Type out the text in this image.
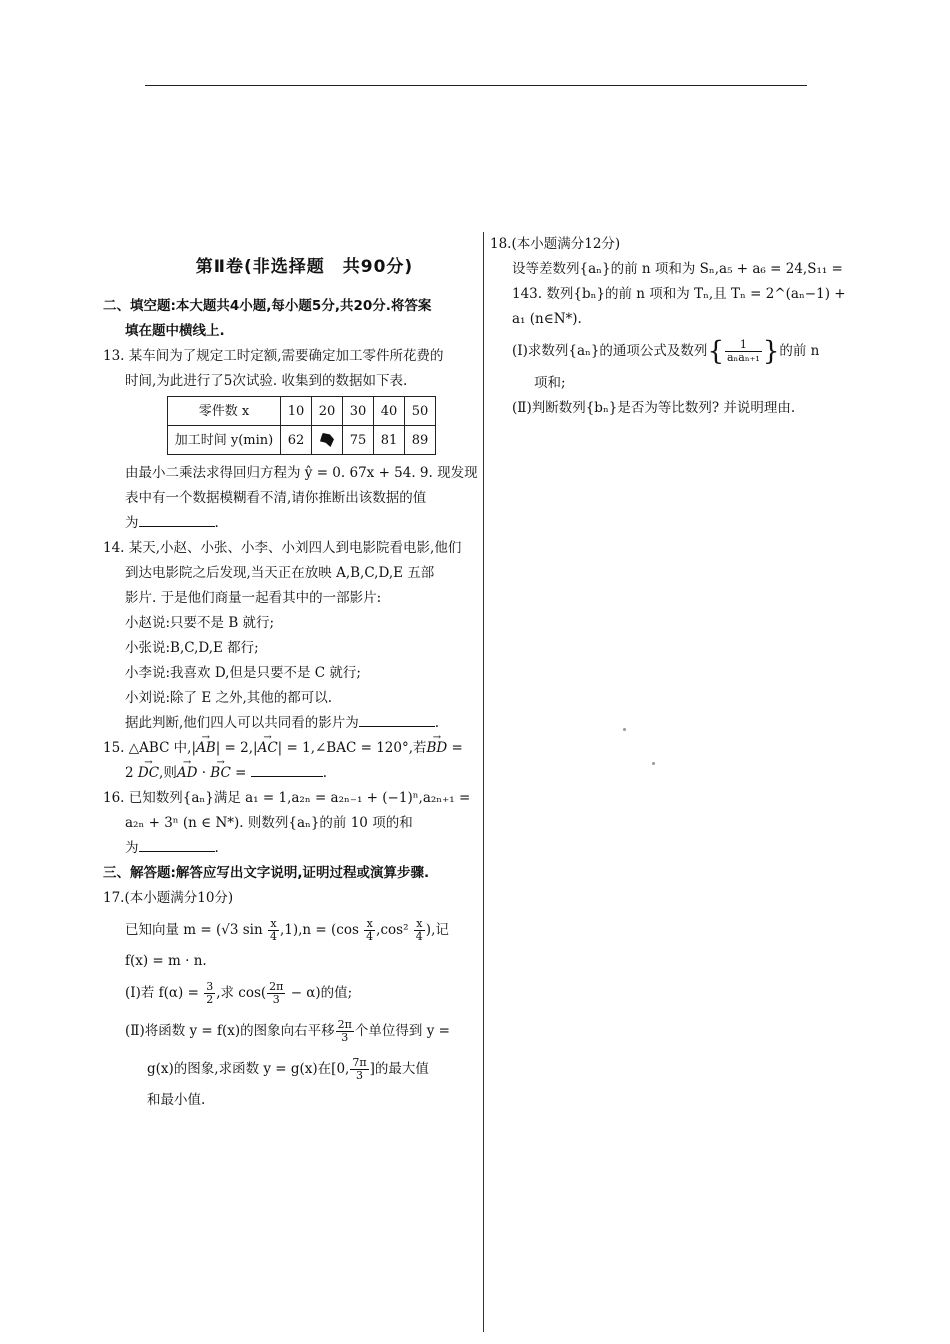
第Ⅱ卷(非选择题 共90分)
二、填空题:本大题共4小题,每小题5分,共20分.将答案
填在题中横线上.
13. 某车间为了规定工时定额,需要确定加工零件所花费的
时间,为此进行了5次试验. 收集到的数据如下表.
零件数 x	10	20	30	40	50
加工时间 y(min)	62		75	81	89
由最小二乘法求得回归方程为 ŷ = 0. 67x + 54. 9. 现发现
表中有一个数据模糊看不清,请你推断出该数据的值
为	.
14. 某天,小赵、小张、小李、小刘四人到电影院看电影,他们
到达电影院之后发现,当天正在放映 A,B,C,D,E 五部
影片. 于是他们商量一起看其中的一部影片:
小赵说:只要不是 B 就行;
小张说:B,C,D,E 都行;
小李说:我喜欢 D,但是只要不是 C 就行;
小刘说:除了 E 之外,其他的都可以.
据此判断,他们四人可以共同看的影片为	.
15. △ABC 中,|→ AB| = 2,|→ AC| = 1,∠BAC = 120°,若→ BD =
2 → DC,则→ AD · → BC =	.
16. 已知数列{aₙ}满足 a₁ = 1,a₂ₙ = a₂ₙ₋₁ + (−1)ⁿ,a₂ₙ₊₁ =
a₂ₙ + 3ⁿ (n ∈ N*). 则数列{aₙ}的前 10 项的和
为	.
三、解答题:解答应写出文字说明,证明过程或演算步骤.
17.(本小题满分10分)
已知向量 m = (√3 $\sin \frac{x}{4} ,1),n = (\cos \frac{x}{4} ,\cos^2 \frac{x}{4}$ ),记
f(x) = m · n.
(Ⅰ)若 $f(\alpha) = \frac{3}{2}$ ,求 $\cos( \frac{2\pi}{3} - \alpha)$的值;
(Ⅱ)将函数 y = f(x)的图象向右平移 $\frac{2\pi}{3}$ 个单位得到 y =
g(x)的图象,求函数 y = g(x)在[0, $\frac{7\pi}{3}$ ]的最大值
和最小值.
18.(本小题满分12分)
设等差数列{aₙ}的前 n 项和为 Sₙ,a₅ + a₆ = 24,S₁₁ =
143. 数列{bₙ}的前 n 项和为 Tₙ,且 Tₙ = 2^(aₙ−1) +
a₁ (n∈N*).
(Ⅰ)求数列{aₙ}的通项公式及数列{ $\frac{1}{\text{aₙaₙ₊₁}}$ }的前 n
项和;
(Ⅱ)判断数列{bₙ}是否为等比数列? 并说明理由.
